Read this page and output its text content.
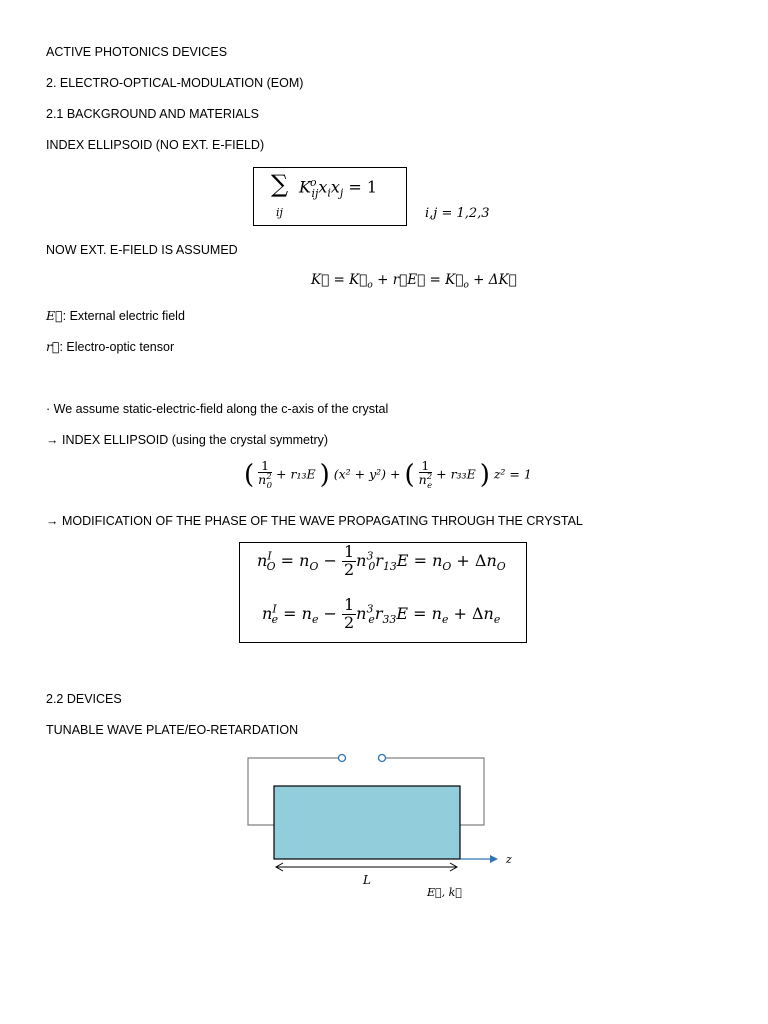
ACTIVE PHOTONICS DEVICES
2. ELECTRO-OPTICAL-MODULATION (EOM)
2.1 BACKGROUND AND MATERIALS
INDEX ELLIPSOID (NO EXT. E-FIELD)
∑
ij
$K^o_{ij}x_ix_j = 1$
i,j = 1,2,3
NOW EXT. E-FIELD IS ASSUMED
K⃗ = $K⃗_o$ + r⃗E⃗ = $K⃗_o$ + ΔK⃗
E⃗: External electric field
r⃗: Electro-optic tensor
· We assume static-electric-field along the c-axis of the crystal
→ INDEX ELLIPSOID (using the crystal symmetry)
( $\frac{1}{n^2_0} + r_{13}E$ ) (x² + y²) + ( $\frac{1}{n^2_e} + r_{33}E$ ) z² = 1
→ MODIFICATION OF THE PHASE OF THE WAVE PROPAGATING THROUGH THE CRYSTAL
$n^I_O = n_O - \frac{1}{2} n^3_0r_{13}E = n_O + \Delta n_O$
$n^I_e = n_e - \frac{1}{2} n^3_er_{33}E = n_e + \Delta n_e$
2.2 DEVICES
TUNABLE WAVE PLATE/EO-RETARDATION
L
z
E⃗, k⃗
